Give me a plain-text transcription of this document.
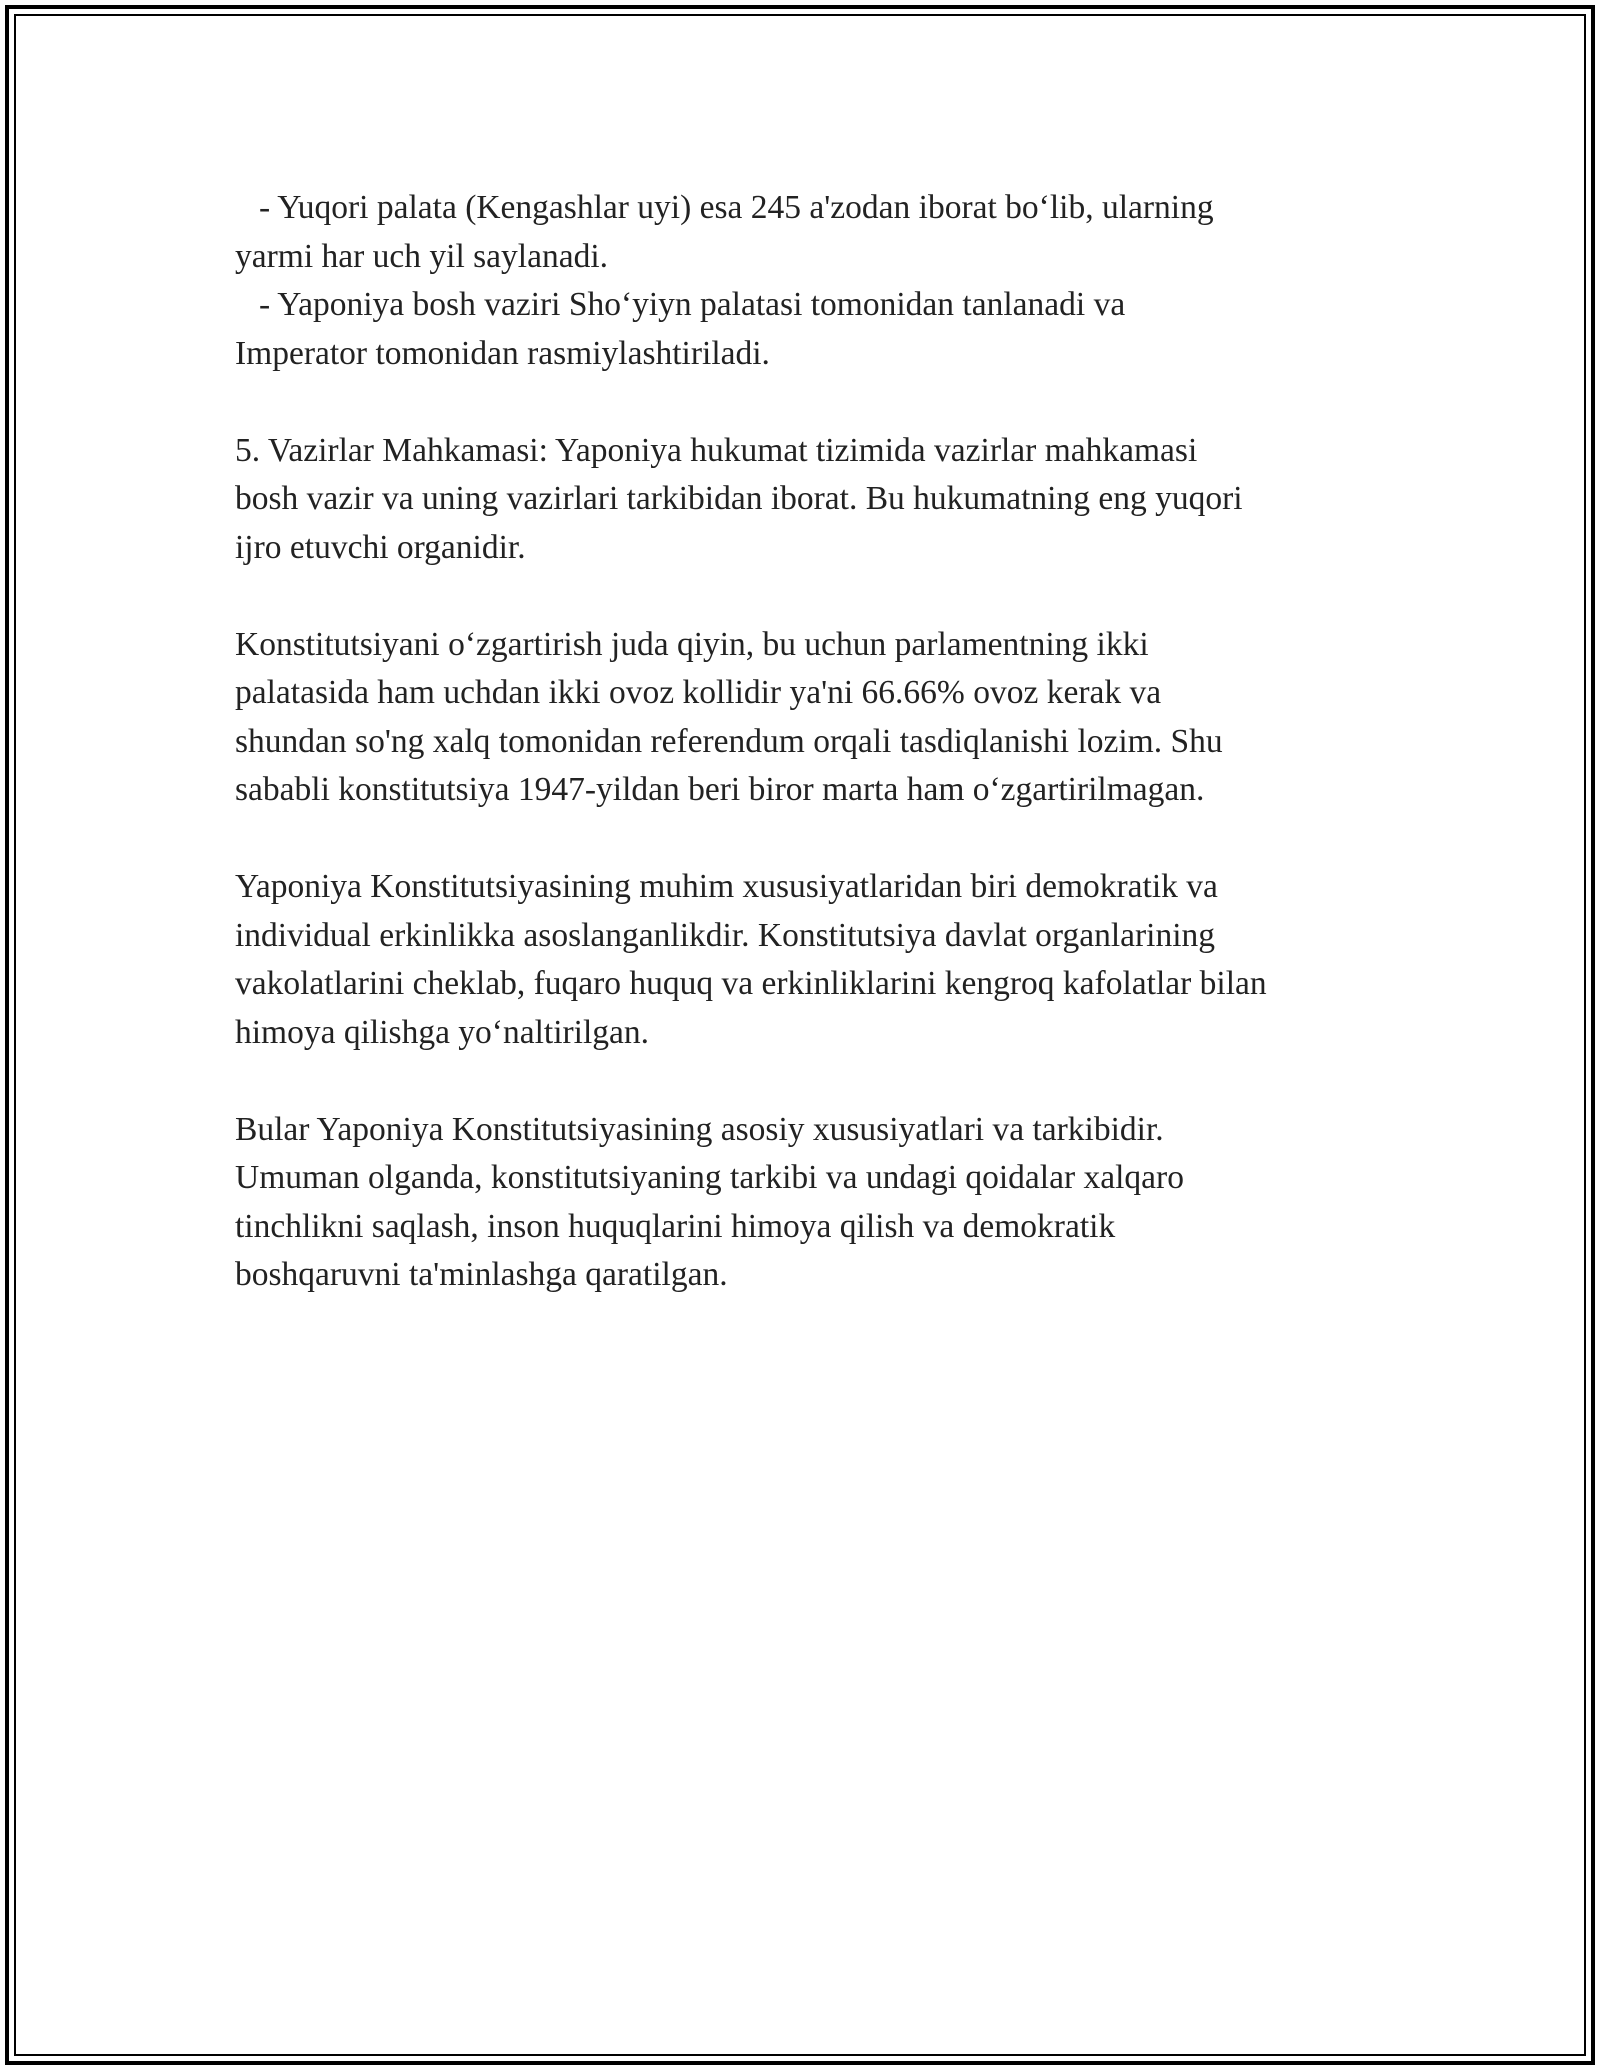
- Yuqori palata (Kengashlar uyi) esa 245 a'zodan iborat bo‘lib, ularning
yarmi har uch yil saylanadi.
- Yaponiya bosh vaziri Sho‘yiyn palatasi tomonidan tanlanadi va
Imperator tomonidan rasmiylashtiriladi.
5. Vazirlar Mahkamasi: Yaponiya hukumat tizimida vazirlar mahkamasi
bosh vazir va uning vazirlari tarkibidan iborat. Bu hukumatning eng yuqori
ijro etuvchi organidir.
Konstitutsiyani o‘zgartirish juda qiyin, bu uchun parlamentning ikki
palatasida ham uchdan ikki ovoz kollidir ya'ni 66.66% ovoz kerak va
shundan so'ng xalq tomonidan referendum orqali tasdiqlanishi lozim. Shu
sababli konstitutsiya 1947-yildan beri biror marta ham o‘zgartirilmagan.
Yaponiya Konstitutsiyasining muhim xususiyatlaridan biri demokratik va
individual erkinlikka asoslanganlikdir. Konstitutsiya davlat organlarining
vakolatlarini cheklab, fuqaro huquq va erkinliklarini kengroq kafolatlar bilan
himoya qilishga yo‘naltirilgan.
Bular Yaponiya Konstitutsiyasining asosiy xususiyatlari va tarkibidir.
Umuman olganda, konstitutsiyaning tarkibi va undagi qoidalar xalqaro
tinchlikni saqlash, inson huquqlarini himoya qilish va demokratik
boshqaruvni ta'minlashga qaratilgan.
